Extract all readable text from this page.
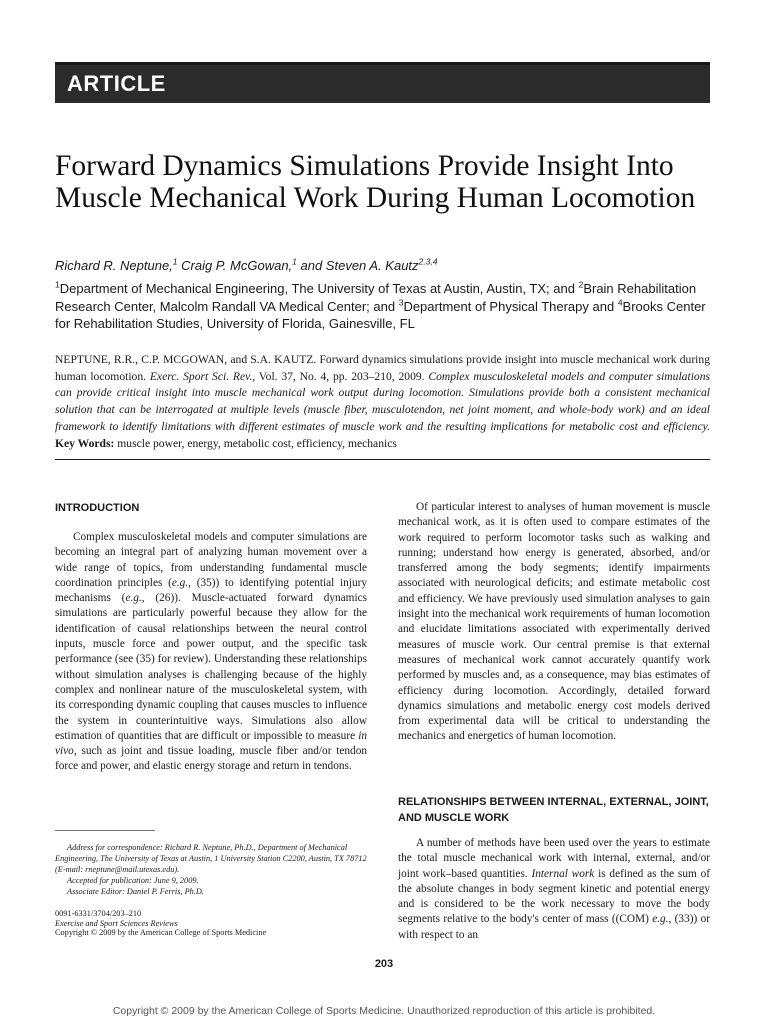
ARTICLE
Forward Dynamics Simulations Provide Insight Into Muscle Mechanical Work During Human Locomotion
Richard R. Neptune,$^1$ Craig P. McGowan,$^1$ and Steven A. Kautz$^{2,3,4}$
$^1$Department of Mechanical Engineering, The University of Texas at Austin, Austin, TX; and $^2$Brain Rehabilitation Research Center, Malcolm Randall VA Medical Center; and $^3$Department of Physical Therapy and $^4$Brooks Center for Rehabilitation Studies, University of Florida, Gainesville, FL
NEPTUNE, R.R., C.P. MCGOWAN, and S.A. KAUTZ. Forward dynamics simulations provide insight into muscle mechanical work during human locomotion. Exerc. Sport Sci. Rev., Vol. 37, No. 4, pp. 203–210, 2009. Complex musculoskeletal models and computer simulations can provide critical insight into muscle mechanical work output during locomotion. Simulations provide both a consistent mechanical solution that can be interrogated at multiple levels (muscle fiber, musculotendon, net joint moment, and whole-body work) and an ideal framework to identify limitations with different estimates of muscle work and the resulting implications for metabolic cost and efficiency. Key Words: muscle power, energy, metabolic cost, efficiency, mechanics
INTRODUCTION

Complex musculoskeletal models and computer simulations are becoming an integral part of analyzing human movement over a wide range of topics, from understanding fundamental muscle coordination principles (e.g., (35)) to identifying potential injury mechanisms (e.g., (26)). Muscle-actuated forward dynamics simulations are particularly powerful because they allow for the identification of causal relationships between the neural control inputs, muscle force and power output, and the specific task performance (see (35) for review). Understanding these relationships without simulation analyses is challenging because of the highly complex and nonlinear nature of the musculoskeletal system, with its corresponding dynamic coupling that causes muscles to influence the system in counterintuitive ways. Simulations also allow estimation of quantities that are difficult or impossible to measure in vivo, such as joint and tissue loading, muscle fiber and/or tendon force and power, and elastic energy storage and return in tendons.

Address for correspondence: Richard R. Neptune, Ph.D., Department of Mechanical Engineering, The University of Texas at Austin, 1 University Station C2200, Austin, TX 78712 (E-mail: rneptune@mail.utexas.edu).
Accepted for publication: June 9, 2009.
Associate Editor: Daniel P. Ferris, Ph.D.
0091-6331/3704/203–210
Exercise and Sport Sciences Reviews
Copyright © 2009 by the American College of Sports Medicine

Of particular interest to analyses of human movement is muscle mechanical work, as it is often used to compare estimates of the work required to perform locomotor tasks such as walking and running; understand how energy is generated, absorbed, and/or transferred among the body segments; identify impairments associated with neurological deficits; and estimate metabolic cost and efficiency. We have previously used simulation analyses to gain insight into the mechanical work requirements of human locomotion and elucidate limitations associated with experimentally derived measures of muscle work. Our central premise is that external measures of mechanical work cannot accurately quantify work performed by muscles and, as a consequence, may bias estimates of efficiency during locomotion. Accordingly, detailed forward dynamics simulations and metabolic energy cost models derived from experimental data will be critical to understanding the mechanics and energetics of human locomotion.

RELATIONSHIPS BETWEEN INTERNAL, EXTERNAL, JOINT, AND MUSCLE WORK

A number of methods have been used over the years to estimate the total muscle mechanical work with internal, external, and/or joint work–based quantities. Internal work is defined as the sum of the absolute changes in body segment kinetic and potential energy and is considered to be the work necessary to move the body segments relative to the body's center of mass ((COM) e.g., (33)) or with respect to an

203
Copyright © 2009 by the American College of Sports Medicine. Unauthorized reproduction of this article is prohibited.
